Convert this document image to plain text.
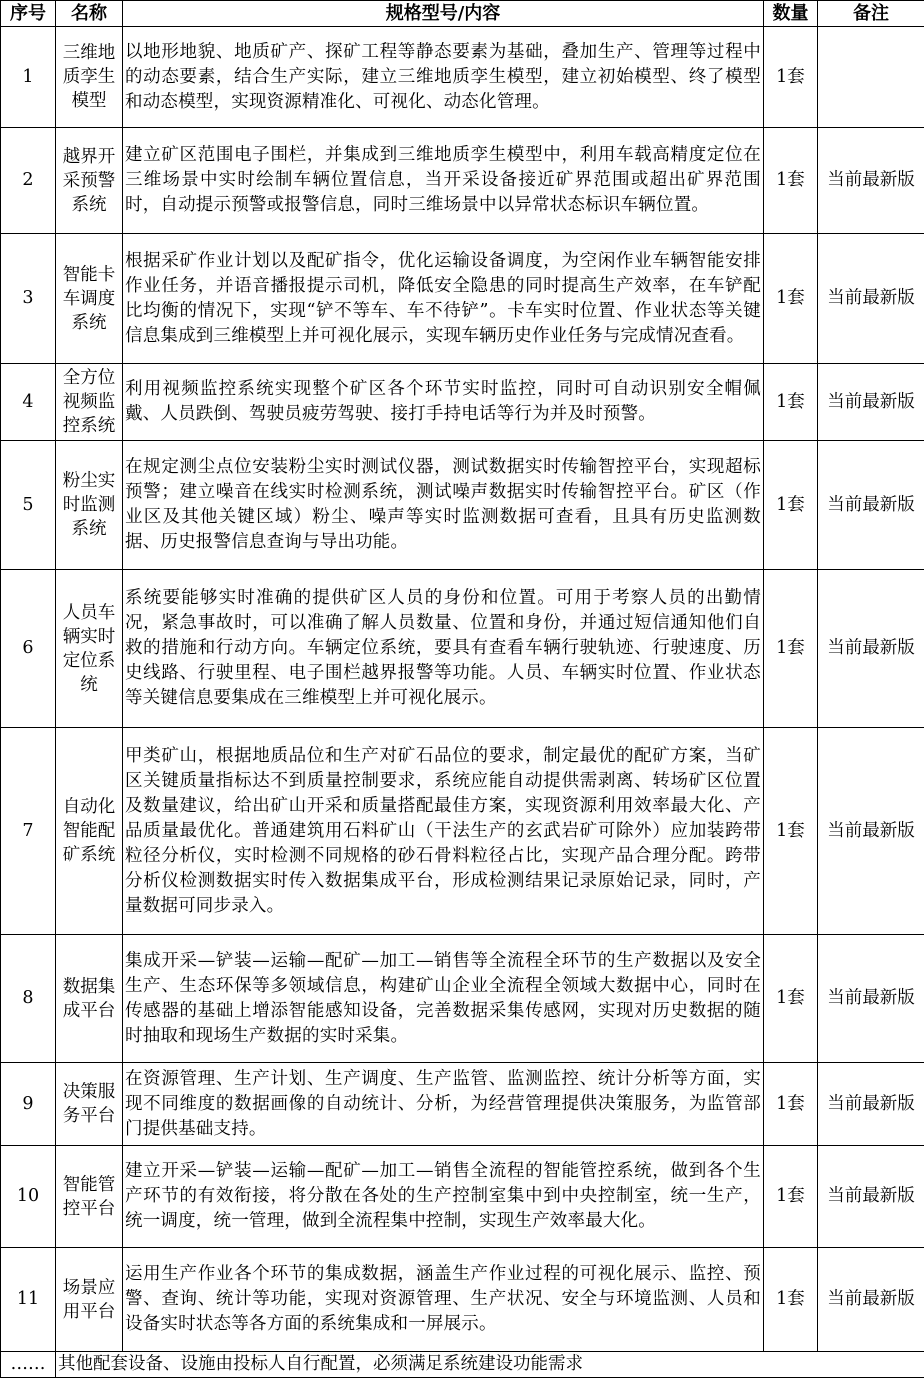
序号	名称	规格型号/内容	数量	备注
1	三维地质孪生模型	以地形地貌、地质矿产、探矿工程等静态要素为基础，叠加生产、管理等过程中的动态要素，结合生产实际，建立三维地质孪生模型，建立初始模型、终了模型和动态模型，实现资源精准化、可视化、动态化管理。	1套	
2	越界开采预警系统	建立矿区范围电子围栏，并集成到三维地质孪生模型中，利用车载高精度定位在三维场景中实时绘制车辆位置信息，当开采设备接近矿界范围或超出矿界范围时，自动提示预警或报警信息，同时三维场景中以异常状态标识车辆位置。	1套	当前最新版
3	智能卡车调度系统	根据采矿作业计划以及配矿指令，优化运输设备调度，为空闲作业车辆智能安排作业任务，并语音播报提示司机，降低安全隐患的同时提高生产效率，在车铲配比均衡的情况下，实现“铲不等车、车不待铲”。卡车实时位置、作业状态等关键信息集成到三维模型上并可视化展示，实现车辆历史作业任务与完成情况查看。	1套	当前最新版
4	全方位视频监控系统	利用视频监控系统实现整个矿区各个环节实时监控，同时可自动识别安全帽佩戴、人员跌倒、驾驶员疲劳驾驶、接打手持电话等行为并及时预警。	1套	当前最新版
5	粉尘实时监测系统	在规定测尘点位安装粉尘实时测试仪器，测试数据实时传输智控平台，实现超标预警；建立噪音在线实时检测系统，测试噪声数据实时传输智控平台。矿区（作业区及其他关键区域）粉尘、噪声等实时监测数据可查看，且具有历史监测数据、历史报警信息查询与导出功能。	1套	当前最新版
6	人员车辆实时定位系统	系统要能够实时准确的提供矿区人员的身份和位置。可用于考察人员的出勤情况，紧急事故时，可以准确了解人员数量、位置和身份，并通过短信通知他们自救的措施和行动方向。车辆定位系统，要具有查看车辆行驶轨迹、行驶速度、历史线路、行驶里程、电子围栏越界报警等功能。人员、车辆实时位置、作业状态等关键信息要集成在三维模型上并可视化展示。	1套	当前最新版
7	自动化智能配矿系统	甲类矿山，根据地质品位和生产对矿石品位的要求，制定最优的配矿方案，当矿区关键质量指标达不到质量控制要求，系统应能自动提供需剥离、转场矿区位置及数量建议，给出矿山开采和质量搭配最佳方案，实现资源利用效率最大化、产品质量最优化。普通建筑用石料矿山（干法生产的玄武岩矿可除外）应加装跨带粒径分析仪，实时检测不同规格的砂石骨料粒径占比，实现产品合理分配。跨带分析仪检测数据实时传入数据集成平台，形成检测结果记录原始记录，同时，产量数据可同步录入。	1套	当前最新版
8	数据集成平台	集成开采—铲装—运输—配矿—加工—销售等全流程全环节的生产数据以及安全生产、生态环保等多领域信息，构建矿山企业全流程全领域大数据中心，同时在传感器的基础上增添智能感知设备，完善数据采集传感网，实现对历史数据的随时抽取和现场生产数据的实时采集。	1套	当前最新版
9	决策服务平台	在资源管理、生产计划、生产调度、生产监管、监测监控、统计分析等方面，实现不同维度的数据画像的自动统计、分析，为经营管理提供决策服务，为监管部门提供基础支持。	1套	当前最新版
10	智能管控平台	建立开采—铲装—运输—配矿—加工—销售全流程的智能管控系统，做到各个生产环节的有效衔接，将分散在各处的生产控制室集中到中央控制室，统一生产，统一调度，统一管理，做到全流程集中控制，实现生产效率最大化。	1套	当前最新版
11	场景应用平台	运用生产作业各个环节的集成数据，涵盖生产作业过程的可视化展示、监控、预警、查询、统计等功能，实现对资源管理、生产状况、安全与环境监测、人员和设备实时状态等各方面的系统集成和一屏展示。	1套	当前最新版
……	其他配套设备、设施由投标人自行配置，必须满足系统建设功能需求			
